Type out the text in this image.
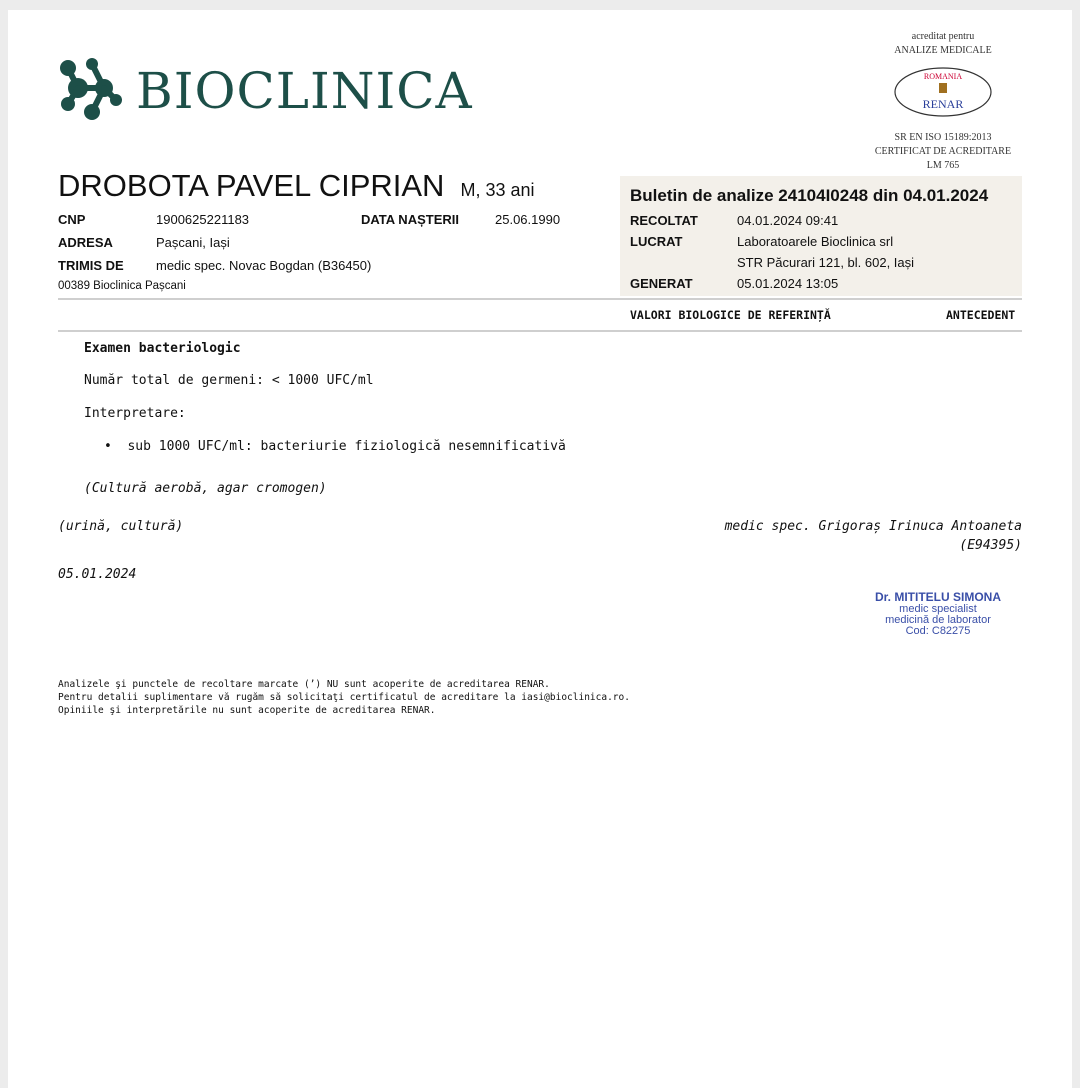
BIOCLINICA
acreditat pentru
ANALIZE MEDICALE
ROMANIA
RENAR
SR EN ISO 15189:2013
CERTIFICAT DE ACREDITARE
LM 765
DROBOTA PAVEL CIPRIAN M, 33 ani
CNP	1900625221183	DATA NAȘTERII	25.06.1990
ADRESA	Pașcani, Iași
TRIMIS DE medic spec. Novac Bogdan (B36450)
00389 Bioclinica Pașcani
Buletin de analize 24104I0248 din 04.01.2024
RECOLTAT	04.01.2024 09:41
LUCRAT	Laboratoarele Bioclinica srl
STR Păcurari 121, bl. 602, Iași
GENERAT	05.01.2024 13:05
VALORI BIOLOGICE DE REFERINȚĂ	ANTECEDENT
Examen bacteriologic
Număr total de germeni: < 1000 UFC/ml
Interpretare:
•  sub 1000 UFC/ml: bacteriurie fiziologică nesemnificativă
(Cultură aerobă, agar cromogen)
(urină, cultură)	medic spec. Grigoraș Irinuca Antoaneta
(E94395)
05.01.2024
Dr. MITITELU SIMONA
medic specialist
medicină de laborator
Cod: C82275
Analizele şi punctele de recoltare marcate (’) NU sunt acoperite de acreditarea RENAR.
Pentru detalii suplimentare vă rugăm să solicitaţi certificatul de acreditare la iasi@bioclinica.ro.
Opiniile şi interpretările nu sunt acoperite de acreditarea RENAR.
